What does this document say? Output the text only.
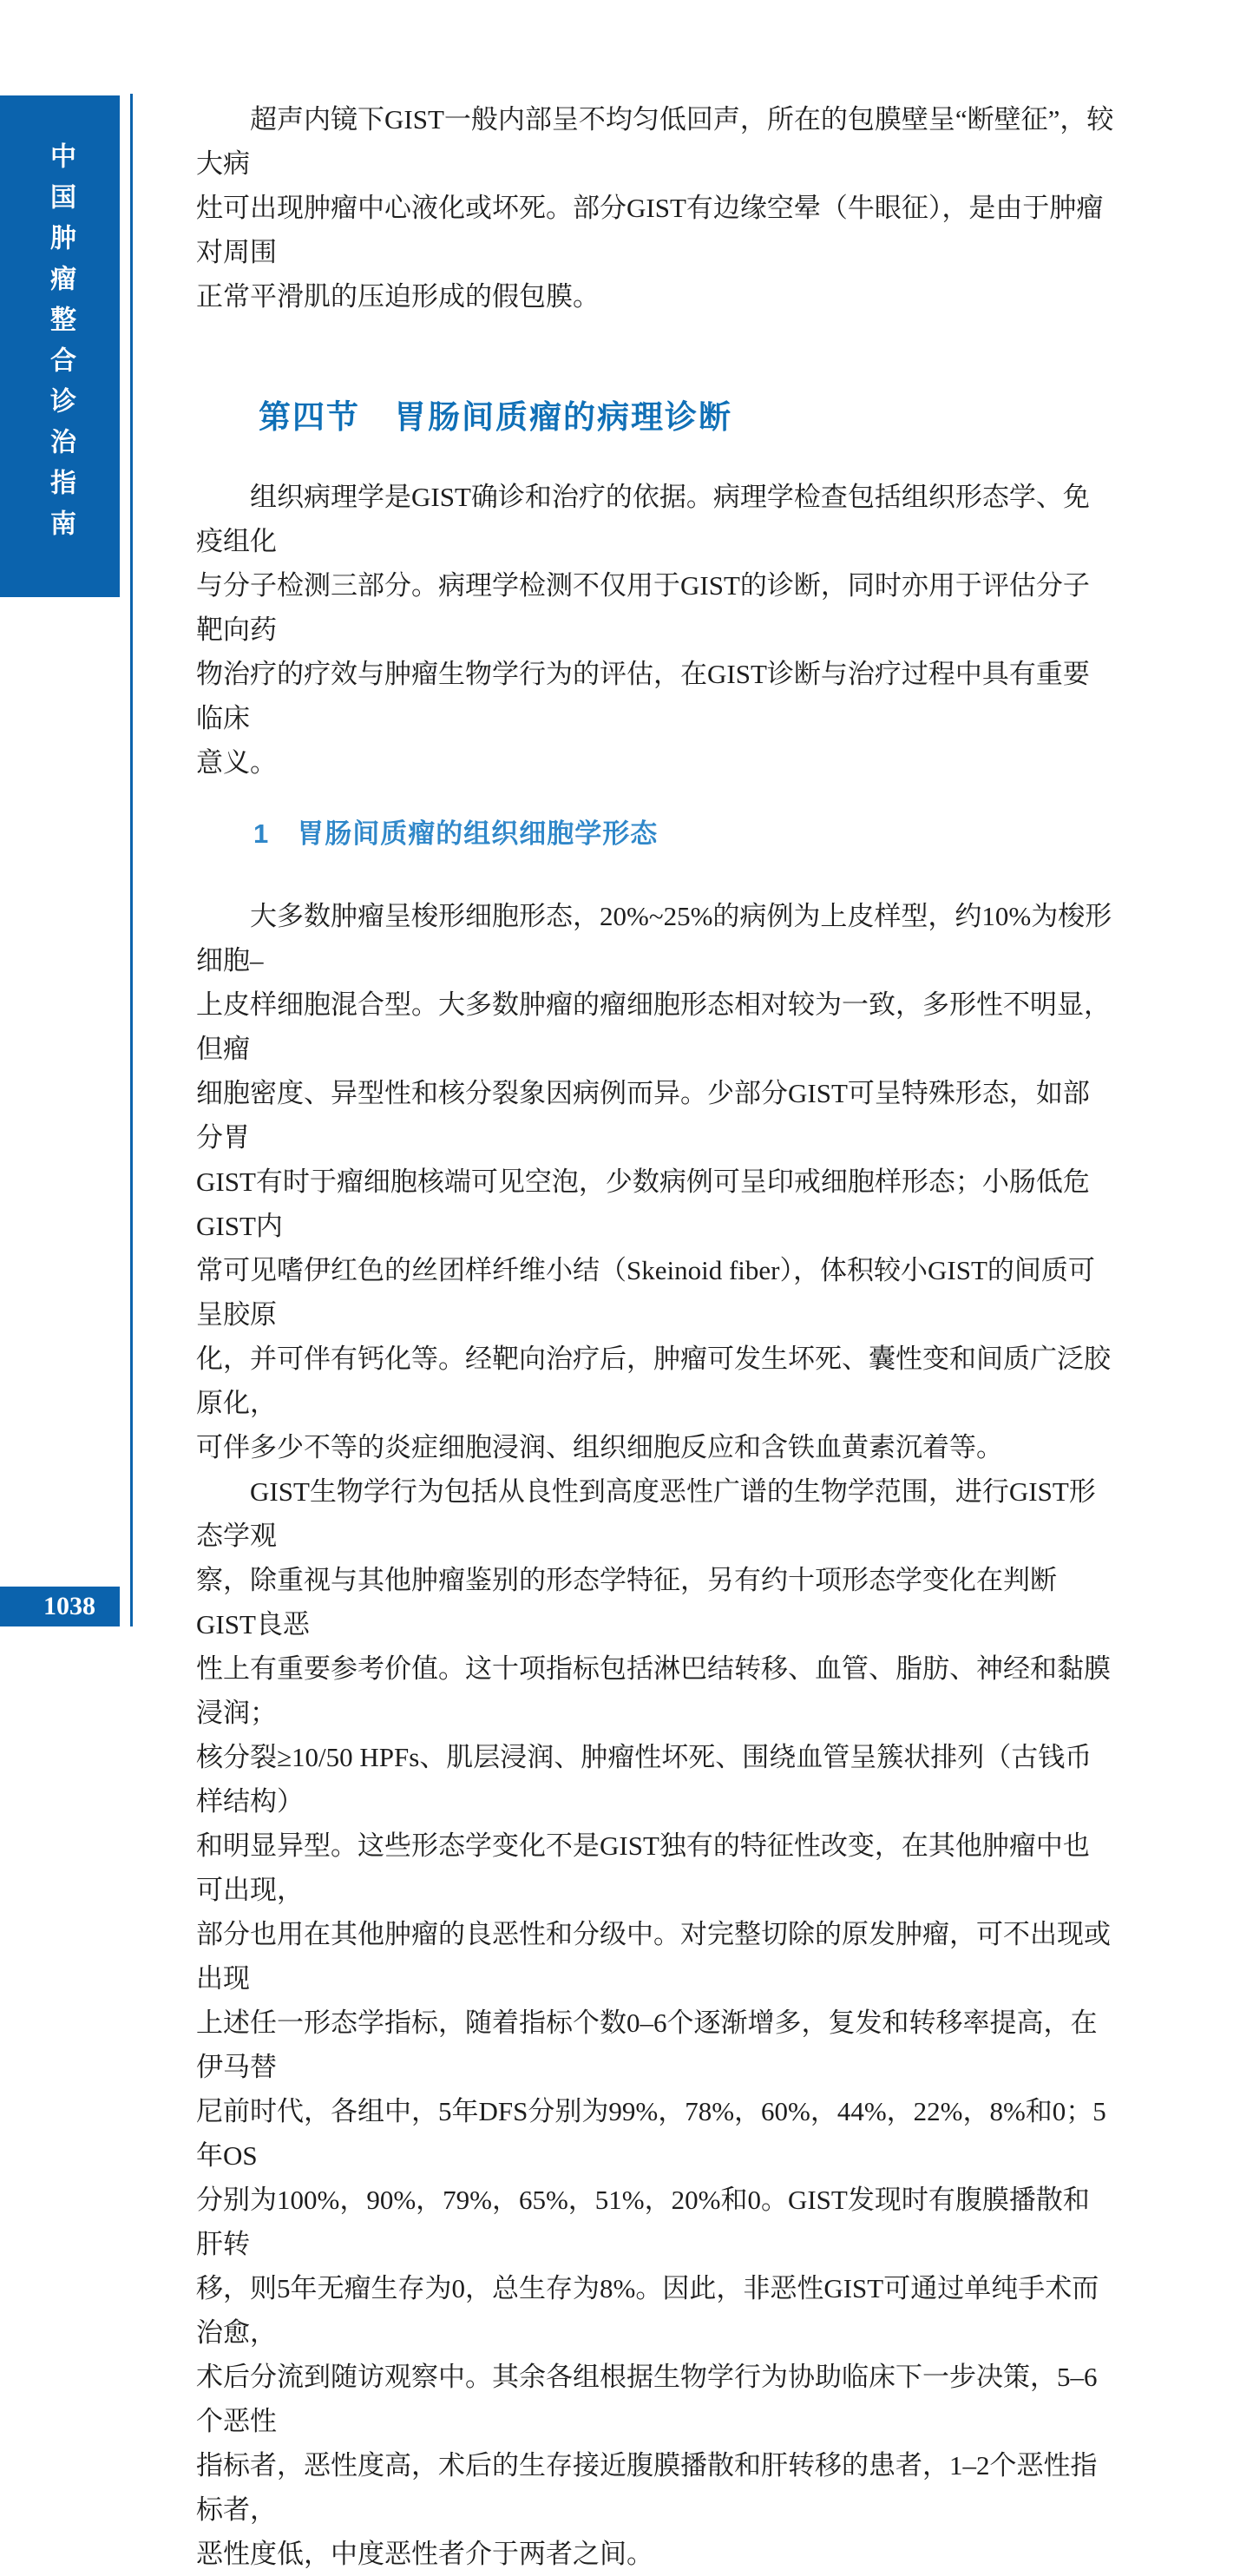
中国肿瘤整合诊治指南
1038

超声内镜下GIST一般内部呈不均匀低回声，所在的包膜壁呈“断壁征”，较大病
灶可出现肿瘤中心液化或坏死。部分GIST有边缘空晕（牛眼征），是由于肿瘤对周围
正常平滑肌的压迫形成的假包膜。

第四节　胃肠间质瘤的病理诊断

组织病理学是GIST确诊和治疗的依据。病理学检查包括组织形态学、免疫组化
与分子检测三部分。病理学检测不仅用于GIST的诊断，同时亦用于评估分子靶向药
物治疗的疗效与肿瘤生物学行为的评估，在GIST诊断与治疗过程中具有重要临床
意义。

1　胃肠间质瘤的组织细胞学形态

大多数肿瘤呈梭形细胞形态，20%~25%的病例为上皮样型，约10%为梭形细胞–
上皮样细胞混合型。大多数肿瘤的瘤细胞形态相对较为一致，多形性不明显，但瘤
细胞密度、异型性和核分裂象因病例而异。少部分GIST可呈特殊形态，如部分胃
GIST有时于瘤细胞核端可见空泡，少数病例可呈印戒细胞样形态；小肠低危GIST内
常可见嗜伊红色的丝团样纤维小结（Skeinoid fiber），体积较小GIST的间质可呈胶原
化，并可伴有钙化等。经靶向治疗后，肿瘤可发生坏死、囊性变和间质广泛胶原化，
可伴多少不等的炎症细胞浸润、组织细胞反应和含铁血黄素沉着等。

GIST生物学行为包括从良性到高度恶性广谱的生物学范围，进行GIST形态学观
察，除重视与其他肿瘤鉴别的形态学特征，另有约十项形态学变化在判断GIST良恶
性上有重要参考价值。这十项指标包括淋巴结转移、血管、脂肪、神经和黏膜浸润；
核分裂≥10/50 HPFs、肌层浸润、肿瘤性坏死、围绕血管呈簇状排列（古钱币样结构）
和明显异型。这些形态学变化不是GIST独有的特征性改变，在其他肿瘤中也可出现，
部分也用在其他肿瘤的良恶性和分级中。对完整切除的原发肿瘤，可不出现或出现
上述任一形态学指标，随着指标个数0–6个逐渐增多，复发和转移率提高，在伊马替
尼前时代，各组中，5年DFS分别为99%，78%，60%，44%，22%，8%和0；5年OS
分别为100%，90%，79%，65%，51%，20%和0。GIST发现时有腹膜播散和肝转
移，则5年无瘤生存为0，总生存为8%。因此，非恶性GIST可通过单纯手术而治愈，
术后分流到随访观察中。其余各组根据生物学行为协助临床下一步决策，5–6个恶性
指标者，恶性度高，术后的生存接近腹膜播散和肝转移的患者，1–2个恶性指标者，
恶性度低，中度恶性者介于两者之间。
